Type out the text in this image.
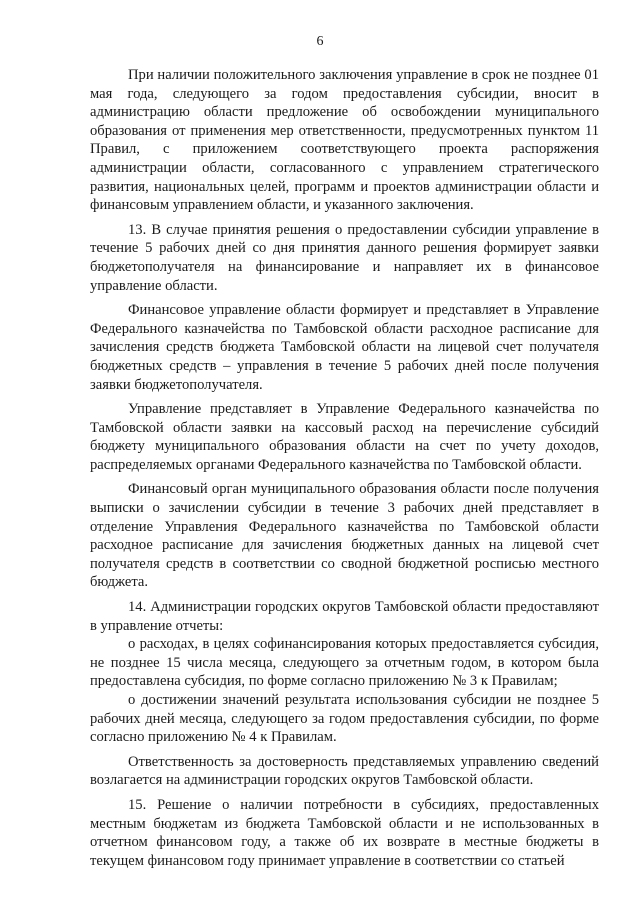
6

При наличии положительного заключения управление в срок не позднее 01 мая года, следующего за годом предоставления субсидии, вносит в администрацию области предложение об освобождении муниципального образования от применения мер ответственности, предусмотренных пунктом 11 Правил, с приложением соответствующего проекта распоряжения администрации области, согласованного с управлением стратегического развития, национальных целей, программ и проектов администрации области и финансовым управлением области, и указанного заключения.

13. В случае принятия решения о предоставлении субсидии управление в течение 5 рабочих дней со дня принятия данного решения формирует заявки бюджетополучателя на финансирование и направляет их в финансовое управление области.

Финансовое управление области формирует и представляет в Управление Федерального казначейства по Тамбовской области расходное расписание для зачисления средств бюджета Тамбовской области на лицевой счет получателя бюджетных средств – управления в течение 5 рабочих дней после получения заявки бюджетополучателя.

Управление представляет в Управление Федерального казначейства по Тамбовской области заявки на кассовый расход на перечисление субсидий бюджету муниципального образования области на счет по учету доходов, распределяемых органами Федерального казначейства по Тамбовской области.

Финансовый орган муниципального образования области после получения выписки о зачислении субсидии в течение 3 рабочих дней представляет в отделение Управления Федерального казначейства по Тамбовской области расходное расписание для зачисления бюджетных данных на лицевой счет получателя средств в соответствии со сводной бюджетной росписью местного бюджета.

14. Администрации городских округов Тамбовской области предоставляют в управление отчеты:

о расходах, в целях софинансирования которых предоставляется субсидия, не позднее 15 числа месяца, следующего за отчетным годом, в котором была предоставлена субсидия, по форме согласно приложению № 3 к Правилам;

о достижении значений результата использования субсидии не позднее 5 рабочих дней месяца, следующего за годом предоставления субсидии, по форме согласно приложению № 4 к Правилам.

Ответственность за достоверность представляемых управлению сведений возлагается на администрации городских округов Тамбовской области.

15. Решение о наличии потребности в субсидиях, предоставленных местным бюджетам из бюджета Тамбовской области и не использованных в отчетном финансовом году, а также об их возврате в местные бюджеты в текущем финансовом году принимает управление в соответствии со статьей
